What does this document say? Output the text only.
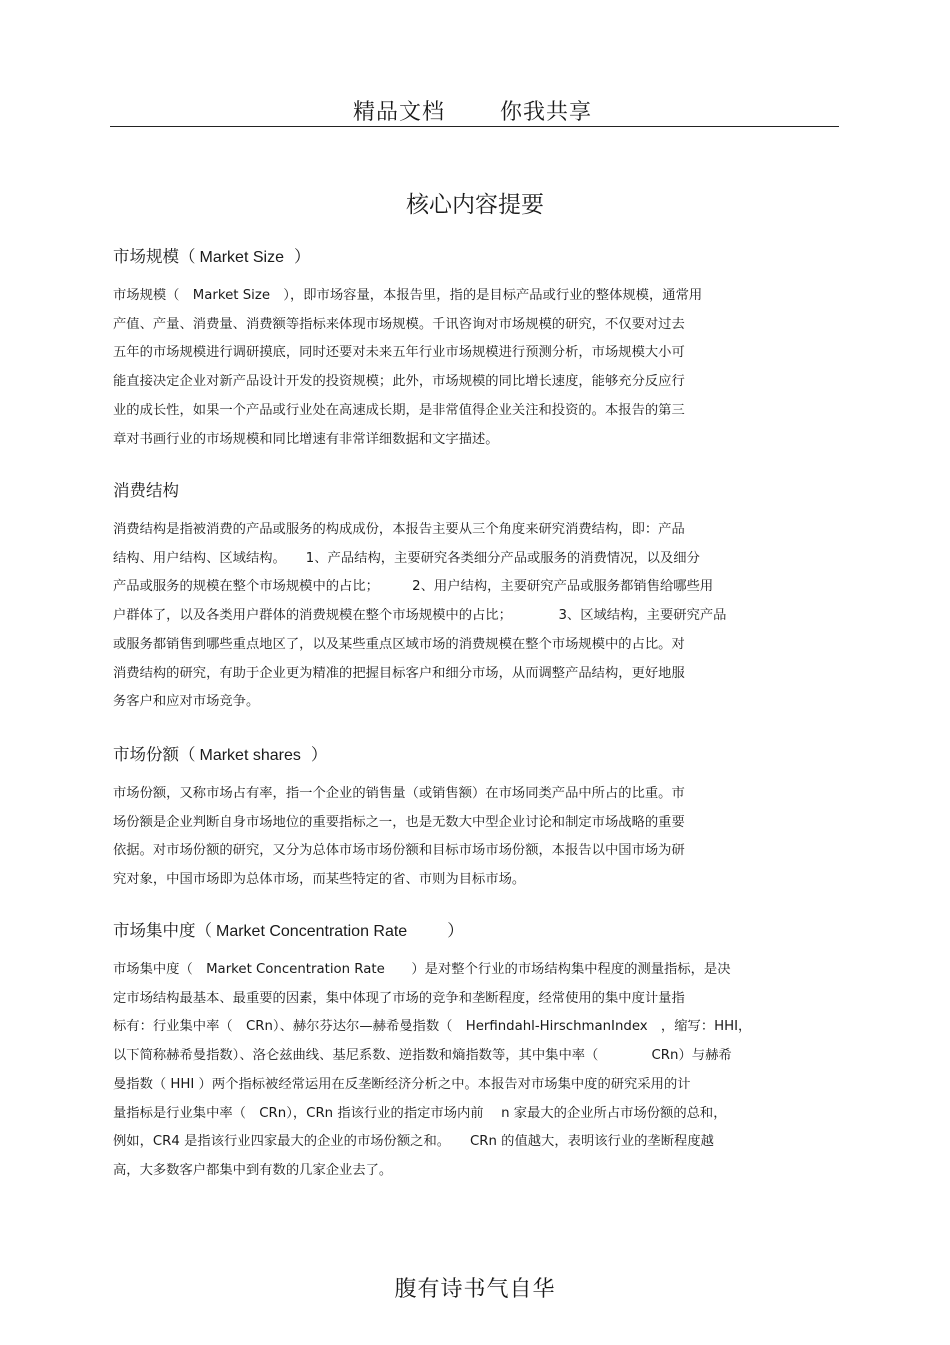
精品文档 你我共享
核心内容提要
市场规模（ Market Size ）

市场规模（　Market Size　），即市场容量，本报告里，指的是目标产品或行业的整体规模，通常用

产值、产量、消费量、消费额等指标来体现市场规模。千讯咨询对市场规模的研究，不仅要对过去

五年的市场规模进行调研摸底，同时还要对未来五年行业市场规模进行预测分析，市场规模大小可

能直接决定企业对新产品设计开发的投资规模；此外，市场规模的同比增长速度，能够充分反应行

业的成长性，如果一个产品或行业处在高速成长期，是非常值得企业关注和投资的。本报告的第三

章对书画行业的市场规模和同比增速有非常详细数据和文字描述。

消费结构

消费结构是指被消费的产品或服务的构成成份，本报告主要从三个角度来研究消费结构，即：产品

结构、用户结构、区域结构。　　1、产品结构，主要研究各类细分产品或服务的消费情况，以及细分

产品或服务的规模在整个市场规模中的占比；　　　2、用户结构，主要研究产品或服务都销售给哪些用

户群体了，以及各类用户群体的消费规模在整个市场规模中的占比；　　　　3、区域结构，主要研究产品

或服务都销售到哪些重点地区了，以及某些重点区域市场的消费规模在整个市场规模中的占比。对

消费结构的研究，有助于企业更为精准的把握目标客户和细分市场，从而调整产品结构，更好地服

务客户和应对市场竞争。

市场份额（ Market shares ）

市场份额，又称市场占有率，指一个企业的销售量（或销售额）在市场同类产品中所占的比重。市

场份额是企业判断自身市场地位的重要指标之一，也是无数大中型企业讨论和制定市场战略的重要

依据。对市场份额的研究，又分为总体市场市场份额和目标市场市场份额，本报告以中国市场为研

究对象，中国市场即为总体市场，而某些特定的省、市则为目标市场。

市场集中度（ Market Concentration Rate ）

市场集中度（　Market Concentration Rate　　）是对整个行业的市场结构集中程度的测量指标，是决

定市场结构最基本、最重要的因素，集中体现了市场的竞争和垄断程度，经常使用的集中度计量指

标有：行业集中率（　CRn）、赫尔芬达尔—赫希曼指数（　Herfindahl-HirschmanIndex　，缩写：HHI，

以下简称赫希曼指数）、洛仑兹曲线、基尼系数、逆指数和熵指数等，其中集中率（　　　　CRn）与赫希

曼指数（ HHI ）两个指标被经常运用在反垄断经济分析之中。本报告对市场集中度的研究采用的计

量指标是行业集中率（　CRn），CRn 指该行业的指定市场内前　 n 家最大的企业所占市场份额的总和，

例如，CR4 是指该行业四家最大的企业的市场份额之和。　　CRn 的值越大，表明该行业的垄断程度越

高，大多数客户都集中到有数的几家企业去了。

腹有诗书气自华
